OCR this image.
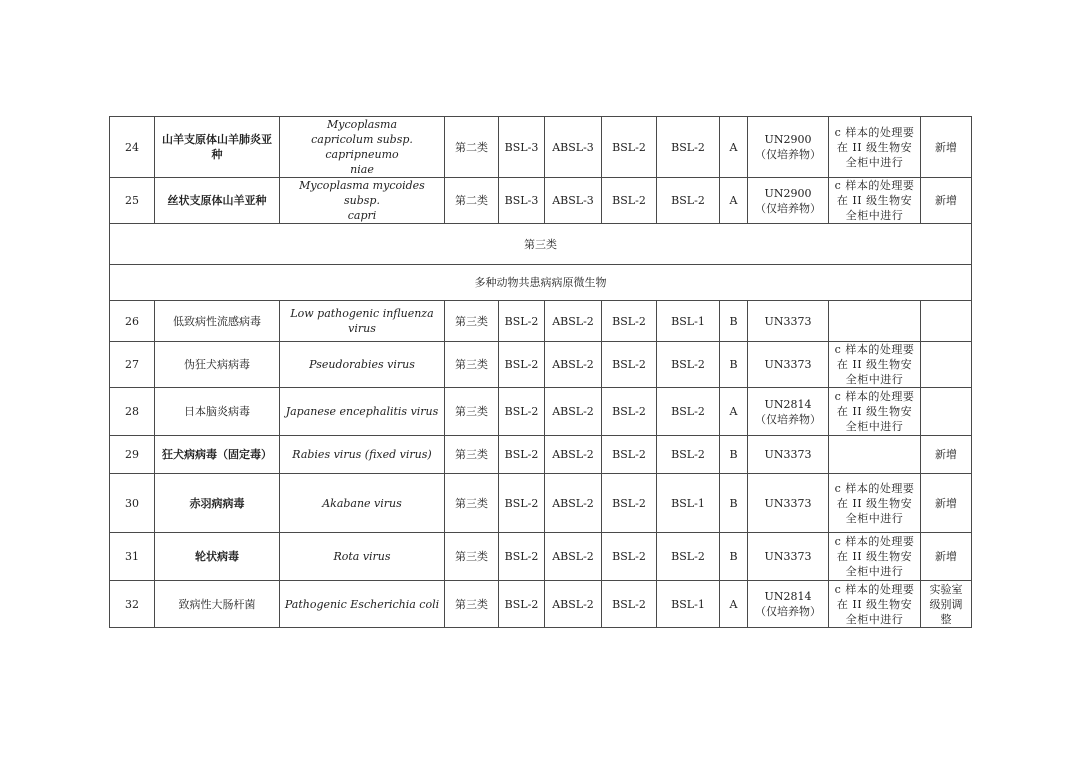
24	山羊支原体山羊肺炎亚种	Mycoplasma
capricolum subsp. capripneumo
niae	第二类	BSL-3	ABSL-3	BSL-2	BSL-2	A	UN2900
（仅培养物）	c 样本的处理要
在 II 级生物安
全柜中进行	新增

25	丝状支原体山羊亚种	Mycoplasma mycoides subsp.
capri	第二类	BSL-3	ABSL-3	BSL-2	BSL-2	A	UN2900
（仅培养物）	c 样本的处理要
在 II 级生物安
全柜中进行	新增

第三类											
多种动物共患病病原微生物											
26	低致病性流感病毒	Low pathogenic influenza virus	第三类	BSL-2	ABSL-2	BSL-2	BSL-1	B	UN3373		

27	伪狂犬病病毒	Pseudorabies virus	第三类	BSL-2	ABSL-2	BSL-2	BSL-2	B	UN3373	c 样本的处理要
在 II 级生物安
全柜中进行	

28	日本脑炎病毒	Japanese encephalitis virus	第三类	BSL-2	ABSL-2	BSL-2	BSL-2	A	UN2814
（仅培养物）	c 样本的处理要
在 II 级生物安
全柜中进行	

29	狂犬病病毒（固定毒）	Rabies virus (fixed virus)	第三类	BSL-2	ABSL-2	BSL-2	BSL-2	B	UN3373		新增

30	赤羽病病毒	Akabane virus	第三类	BSL-2	ABSL-2	BSL-2	BSL-1	B	UN3373	c 样本的处理要
在 II 级生物安
全柜中进行	新增

31	轮状病毒	Rota virus	第三类	BSL-2	ABSL-2	BSL-2	BSL-2	B	UN3373	c 样本的处理要
在 II 级生物安
全柜中进行	新增

32	致病性大肠杆菌	Pathogenic Escherichia coli	第三类	BSL-2	ABSL-2	BSL-2	BSL-1	A	UN2814
（仅培养物）	c 样本的处理要
在 II 级生物安
全柜中进行	实验室
级别调
整
